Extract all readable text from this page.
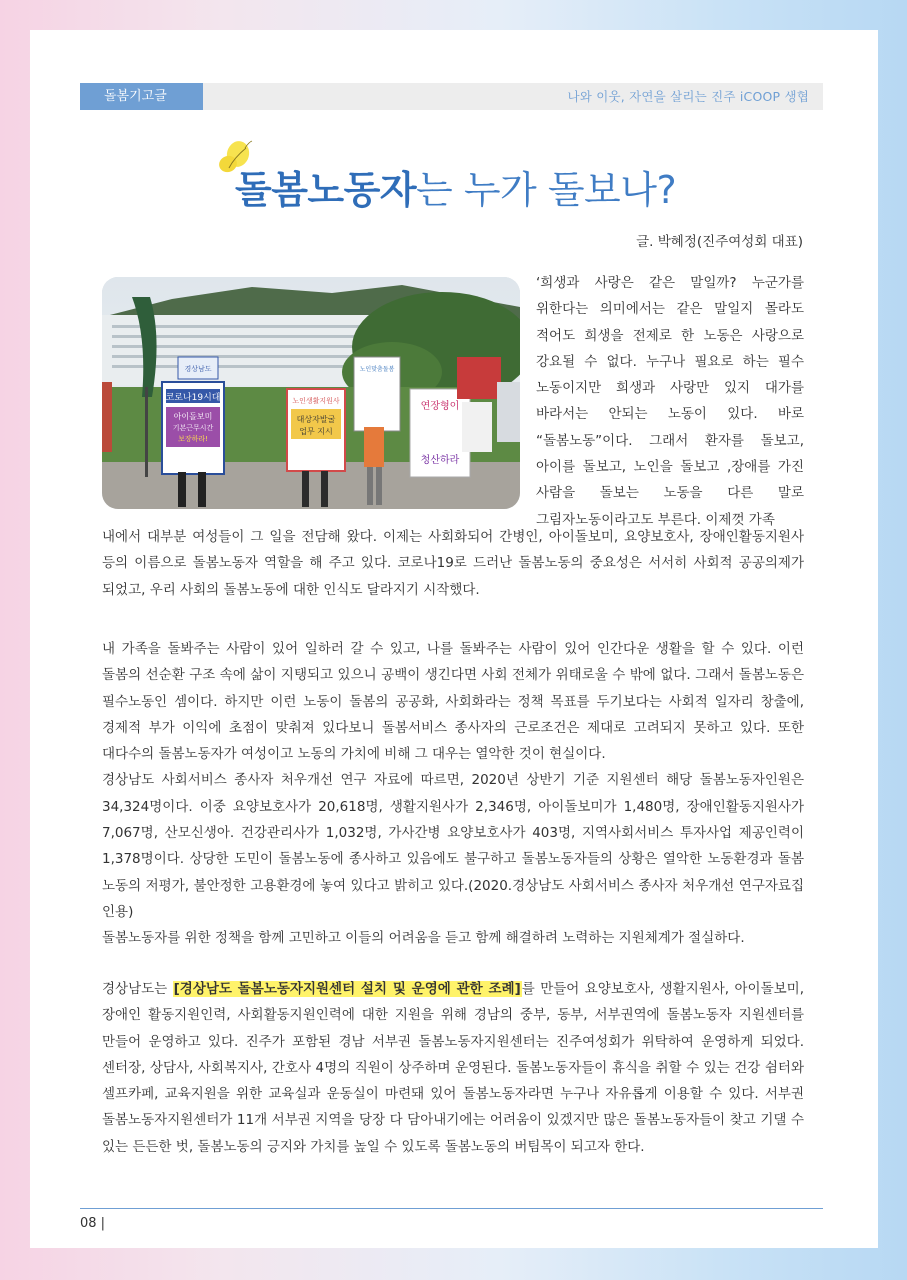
돌봄기고글	나와 이웃, 자연을 살리는 진주 iCOOP 생협
돌봄노동자는 누가 돌보나?
글. 박혜정(진주여성회 대표)
코로나19시대
아이돌보미
기본근무시간
보장하라!
경상남도
노인생활지원사
대상자발굴
업무 지시
노인맞춤돌봄
연장형이
청산하라
‘희생과 사랑은 같은 말일까? 누군가를 위한다는 의미에서는 같은 말일지 몰라도 적어도 희생을 전제로 한 노동은 사랑으로 강요될 수 없다. 누구나 필요로 하는 필수 노동이지만 희생과 사랑만 있지 대가를 바라서는 안되는 노동이 있다. 바로 “돌봄노동”이다. 그래서 환자를 돌보고, 아이를 돌보고, 노인을 돌보고 ,장애를 가진 사람을 돌보는 노동을 다른 말로 그림자노동이라고도 부른다. 이제껏 가족
내에서 대부분 여성들이 그 일을 전담해 왔다. 이제는 사회화되어 간병인, 아이돌보미, 요양보호사, 장애인활동지원사 등의 이름으로 돌봄노동자 역할을 해 주고 있다. 코로나19로 드러난 돌봄노동의 중요성은 서서히 사회적 공공의제가 되었고, 우리 사회의 돌봄노동에 대한 인식도 달라지기 시작했다.
내 가족을 돌봐주는 사람이 있어 일하러 갈 수 있고, 나를 돌봐주는 사람이 있어 인간다운 생활을 할 수 있다. 이런 돌봄의 선순환 구조 속에 삶이 지탱되고 있으니 공백이 생긴다면 사회 전체가 위태로울 수 밖에 없다. 그래서 돌봄노동은 필수노동인 셈이다. 하지만 이런 노동이 돌봄의 공공화, 사회화라는 정책 목표를 두기보다는 사회적 일자리 창출에, 경제적 부가 이익에 초점이 맞춰져 있다보니 돌봄서비스 종사자의 근로조건은 제대로 고려되지 못하고 있다. 또한 대다수의 돌봄노동자가 여성이고 노동의 가치에 비해 그 대우는 열악한 것이 현실이다.
경상남도 사회서비스 종사자 처우개선 연구 자료에 따르면, 2020년 상반기 기준 지원센터 해당 돌봄노동자인원은 34,324명이다. 이중 요양보호사가 20,618명, 생활지원사가 2,346명, 아이돌보미가 1,480명, 장애인활동지원사가 7,067명, 산모신생아. 건강관리사가 1,032명, 가사간병 요양보호사가 403명, 지역사회서비스 투자사업 제공인력이 1,378명이다. 상당한 도민이 돌봄노동에 종사하고 있음에도 불구하고 돌봄노동자들의 상황은 열악한 노동환경과 돌봄 노동의 저평가, 불안정한 고용환경에 놓여 있다고 밝히고 있다.(2020.경상남도 사회서비스 종사자 처우개선 연구자료집 인용)
돌봄노동자를 위한 정책을 함께 고민하고 이들의 어려움을 듣고 함께 해결하려 노력하는 지원체계가 절실하다.
경상남도는 [경상남도 돌봄노동자지원센터 설치 및 운영에 관한 조례]를 만들어 요양보호사, 생활지원사, 아이돌보미, 장애인 활동지원인력, 사회활동지원인력에 대한 지원을 위해 경남의 중부, 동부, 서부권역에 돌봄노동자 지원센터를 만들어 운영하고 있다. 진주가 포함된 경남 서부권 돌봄노동자지원센터는 진주여성회가 위탁하여 운영하게 되었다. 센터장, 상담사, 사회복지사, 간호사 4명의 직원이 상주하며 운영된다. 돌봄노동자들이 휴식을 취할 수 있는 건강 쉼터와 셀프카페, 교육지원을 위한 교육실과 운동실이 마련돼 있어 돌봄노동자라면 누구나 자유롭게 이용할 수 있다. 서부권 돌봄노동자지원센터가 11개 서부권 지역을 당장 다 담아내기에는 어려움이 있겠지만 많은 돌봄노동자들이 찾고 기댈 수 있는 든든한 벗, 돌봄노동의 긍지와 가치를 높일 수 있도록 돌봄노동의 버팀목이 되고자 한다.
08 |
